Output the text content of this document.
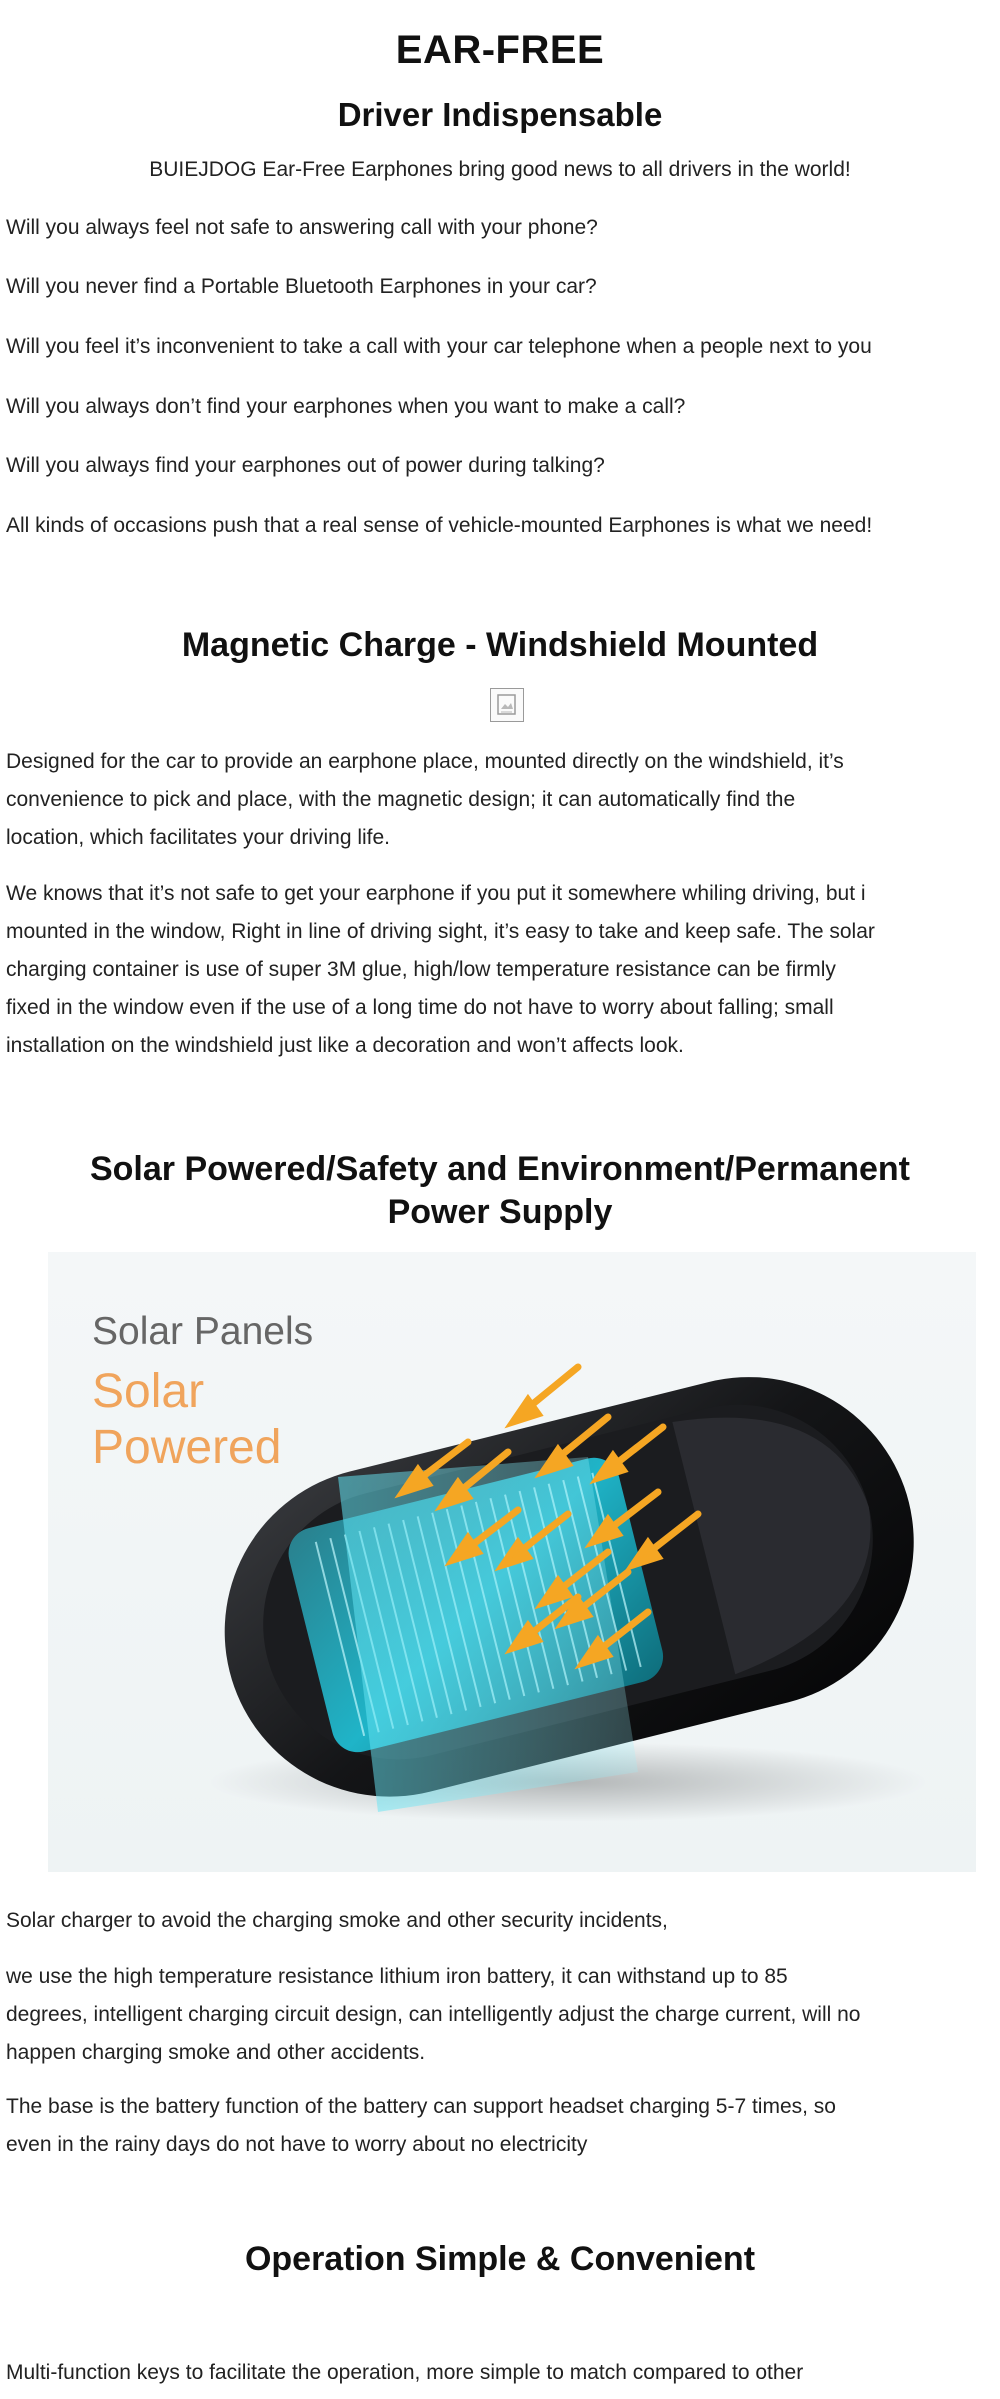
EAR-FREE
Driver Indispensable
BUIEJDOG Ear-Free Earphones bring good news to all drivers in the world!
Will you always feel not safe to answering call with your phone?
Will you never find a Portable Bluetooth Earphones in your car?
Will you feel it’s inconvenient to take a call with your car telephone when a people next to you
Will you always don’t find your earphones when you want to make a call?
Will you always find your earphones out of power during talking?
All kinds of occasions push that a real sense of vehicle-mounted Earphones is what we need!
Magnetic Charge - Windshield Mounted

Designed for the car to provide an earphone place, mounted directly on the windshield, it’s

convenience to pick and place, with the magnetic design; it can automatically find the

location, which facilitates your driving life.

We knows that it’s not safe to get your earphone if you put it somewhere whiling driving, but i

mounted in the window, Right in line of driving sight, it’s easy to take and keep safe. The solar

charging container is use of super 3M glue, high/low temperature resistance can be firmly

fixed in the window even if the use of a long time do not have to worry about falling; small

installation on the windshield just like a decoration and won’t affects look.

Solar Powered/Safety and Environment/Permanent
Power Supply
Solar Panels
Solar
Powered

Solar charger to avoid the charging smoke and other security incidents,

we use the high temperature resistance lithium iron battery, it can withstand up to 85

degrees, intelligent charging circuit design, can intelligently adjust the charge current, will no

happen charging smoke and other accidents.

The base is the battery function of the battery can support headset charging 5-7 times, so

even in the rainy days do not have to worry about no electricity

Operation Simple & Convenient

Multi-function keys to facilitate the operation, more simple to match compared to other
